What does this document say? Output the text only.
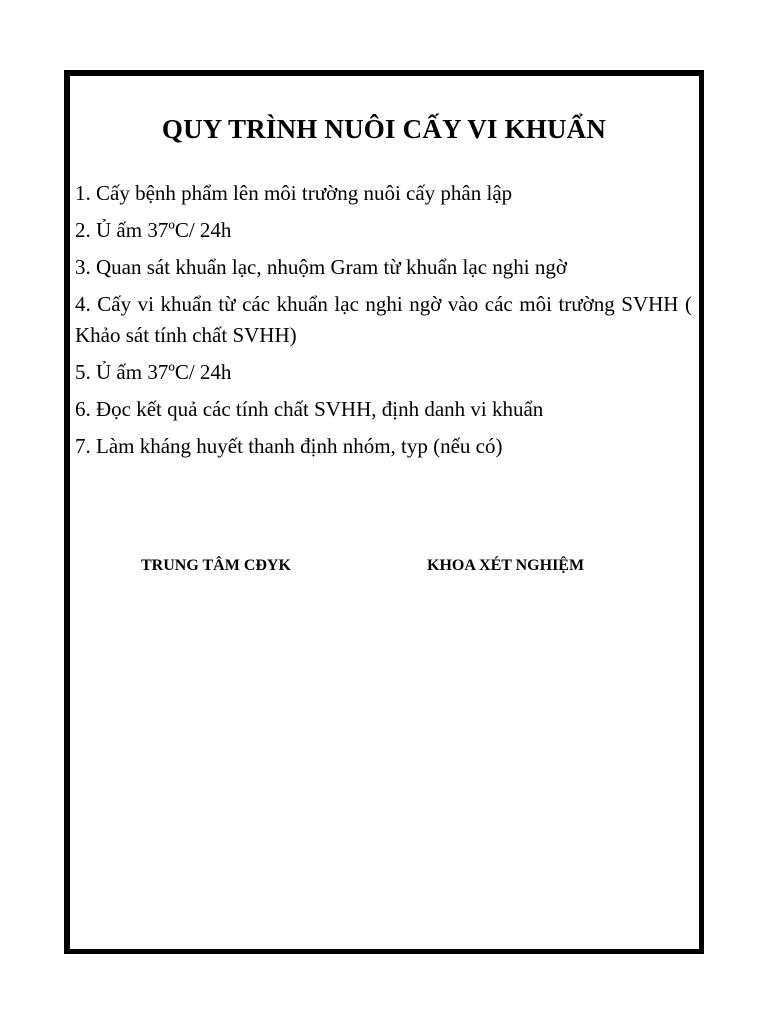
QUY TRÌNH NUÔI CẤY VI KHUẨN
1. Cấy bệnh phẩm lên môi trường nuôi cấy phân lập
2. Ủ ấm 37ºC/ 24h
3. Quan sát khuẩn lạc, nhuộm Gram từ khuẩn lạc nghi ngờ
4. Cấy vi khuẩn từ các khuẩn lạc nghi ngờ vào các môi trường SVHH ( Khảo sát tính chất SVHH)
5. Ủ ấm 37ºC/ 24h
6. Đọc kết quả các tính chất SVHH, định danh vi khuẩn
7. Làm kháng huyết thanh định nhóm, typ (nếu có)
TRUNG TÂM CĐYK	KHOA XÉT NGHIỆM
